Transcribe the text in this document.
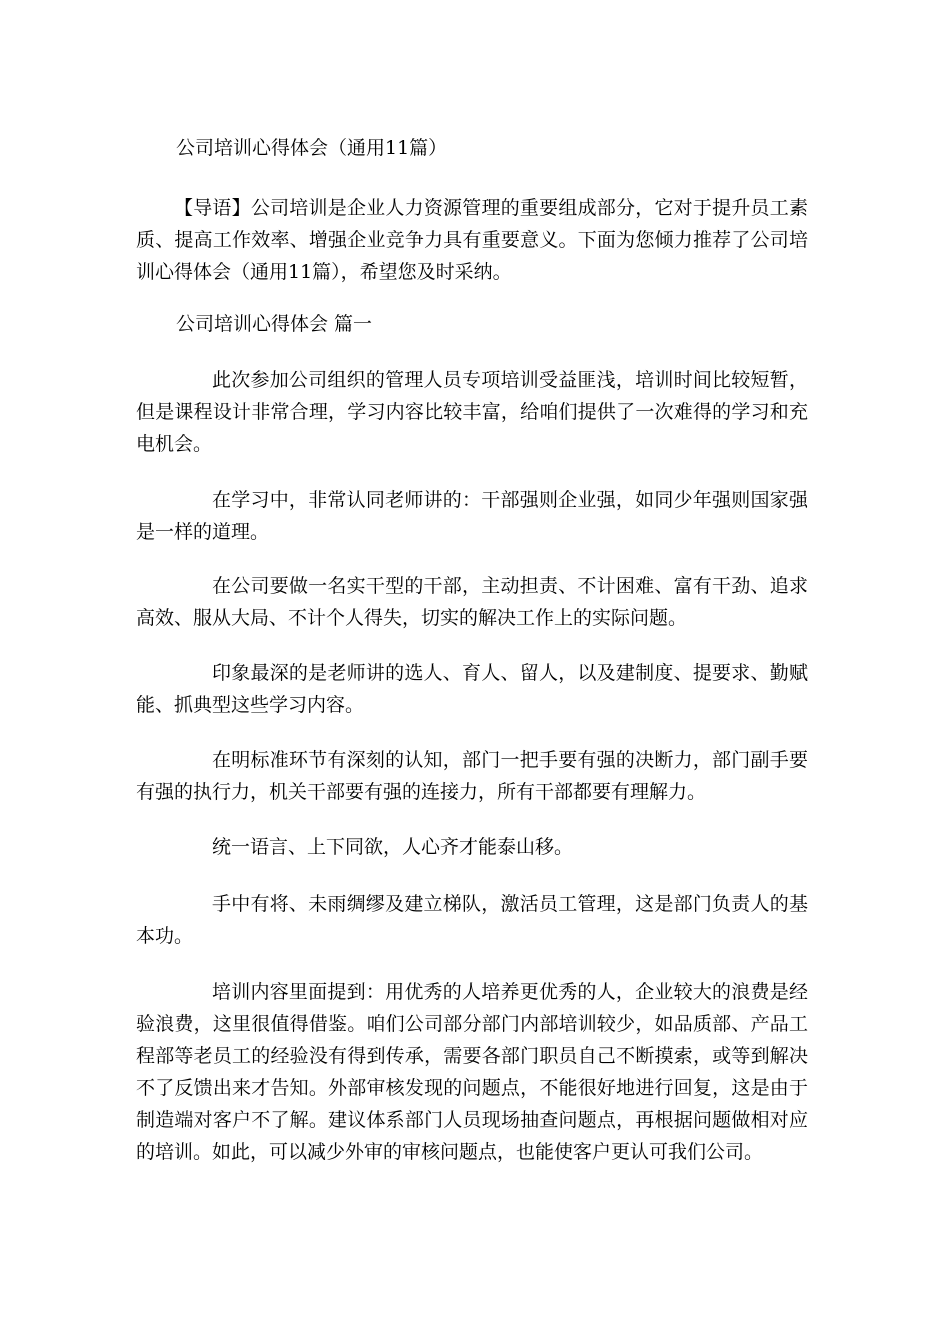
公司培训心得体会（通用11篇）
【导语】公司培训是企业人力资源管理的重要组成部分，它对于提升员工素质、提高工作效率、增强企业竞争力具有重要意义。下面为您倾力推荐了公司培训心得体会（通用11篇），希望您及时采纳。
公司培训心得体会 篇一
此次参加公司组织的管理人员专项培训受益匪浅，培训时间比较短暂，但是课程设计非常合理，学习内容比较丰富，给咱们提供了一次难得的学习和充电机会。
在学习中，非常认同老师讲的：干部强则企业强，如同少年强则国家强是一样的道理。
在公司要做一名实干型的干部，主动担责、不计困难、富有干劲、追求高效、服从大局、不计个人得失，切实的解决工作上的实际问题。
印象最深的是老师讲的选人、育人、留人，以及建制度、提要求、勤赋能、抓典型这些学习内容。
在明标准环节有深刻的认知，部门一把手要有强的决断力，部门副手要有强的执行力，机关干部要有强的连接力，所有干部都要有理解力。
统一语言、上下同欲，人心齐才能泰山移。
手中有将、未雨绸缪及建立梯队，激活员工管理，这是部门负责人的基本功。
培训内容里面提到：用优秀的人培养更优秀的人，企业较大的浪费是经验浪费，这里很值得借鉴。咱们公司部分部门内部培训较少，如品质部、产品工程部等老员工的经验没有得到传承，需要各部门职员自己不断摸索，或等到解决不了反馈出来才告知。外部审核发现的问题点，不能很好地进行回复，这是由于制造端对客户不了解。建议体系部门人员现场抽查问题点，再根据问题做相对应的培训。如此，可以减少外审的审核问题点，也能使客户更认可我们公司。
